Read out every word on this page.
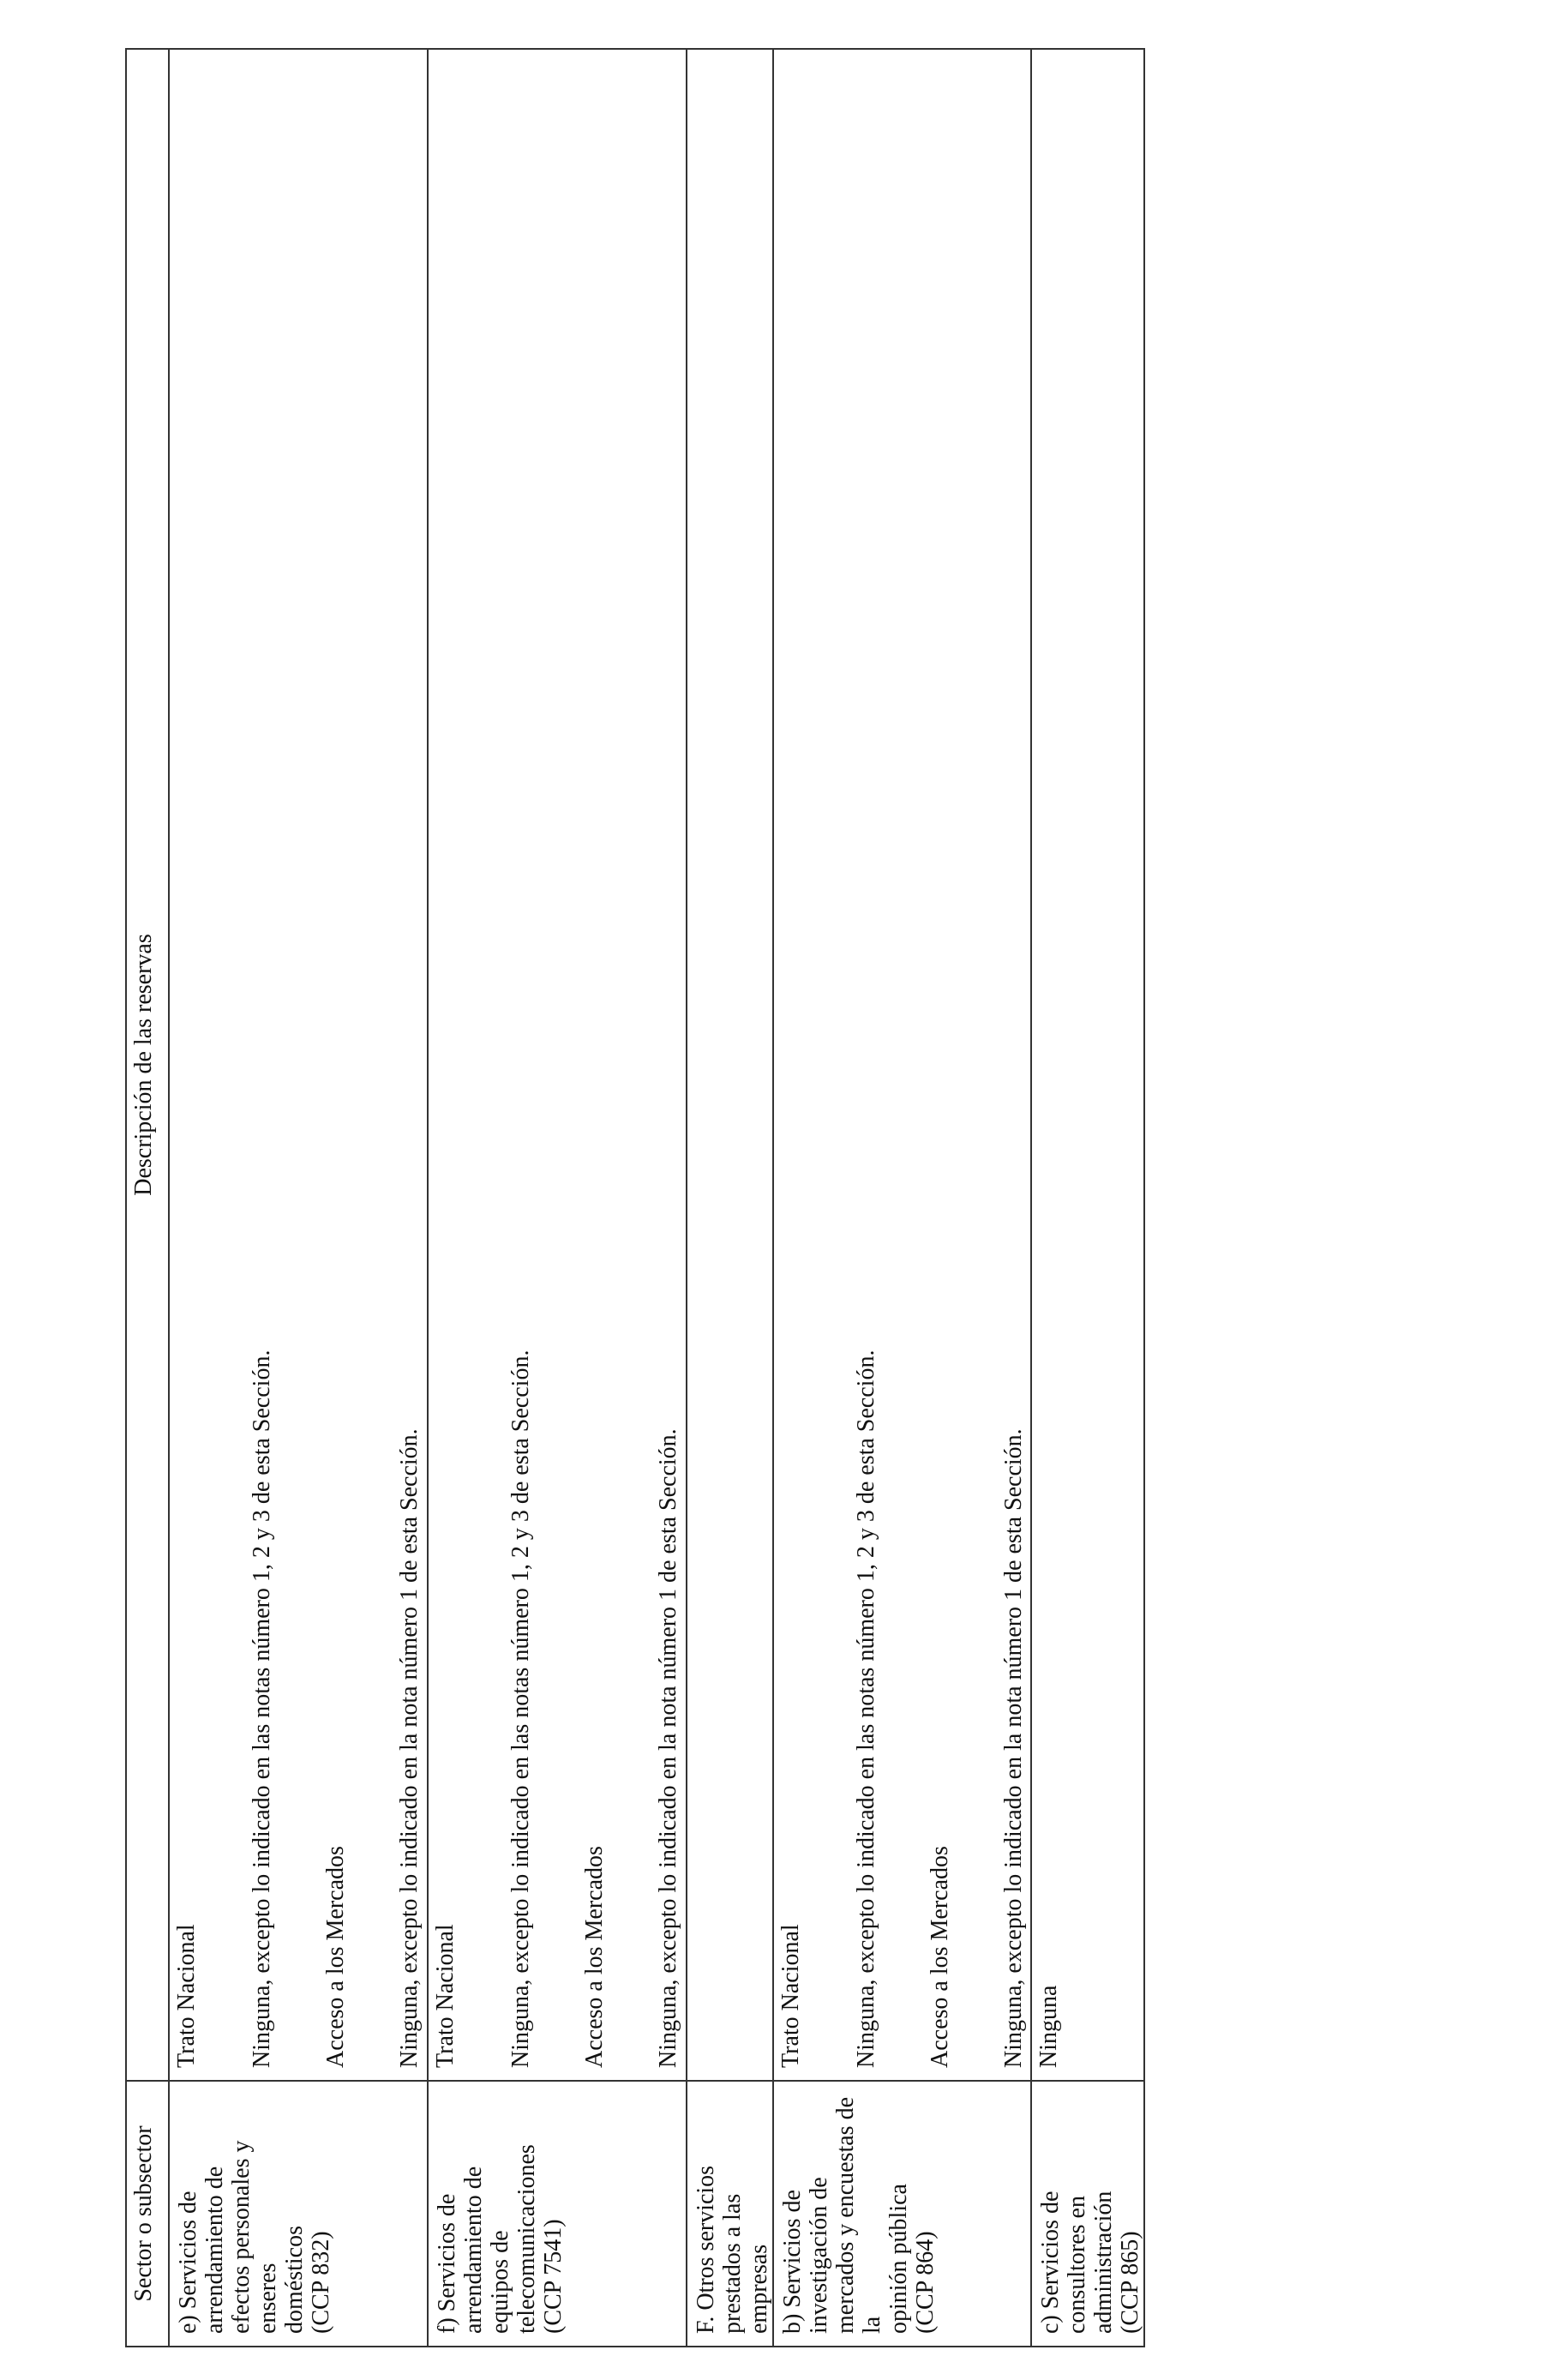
Sector o subsector	Descripción de las reservas

e) Servicios de arrendamiento de efectos personales y enseres domésticos (CCP 832)	Trato Nacional Ninguna, excepto lo indicado en las notas número 1, 2 y 3 de esta Sección. Acceso a los Mercados Ninguna, excepto lo indicado en la nota número 1 de esta Sección.

f) Servicios de arrendamiento de equipos de telecomunicaciones (CCP 7541)	Trato Nacional Ninguna, excepto lo indicado en las notas número 1, 2 y 3 de esta Sección. Acceso a los Mercados Ninguna, excepto lo indicado en la nota número 1 de esta Sección.

F. Otros servicios prestados a las empresas	

b) Servicios de investigación de mercados y encuestas de la opinión pública (CCP 864)	Trato Nacional Ninguna, excepto lo indicado en las notas número 1, 2 y 3 de esta Sección. Acceso a los Mercados Ninguna, excepto lo indicado en la nota número 1 de esta Sección.

c) Servicios de consultores en administración (CCP 865)	Ninguna
